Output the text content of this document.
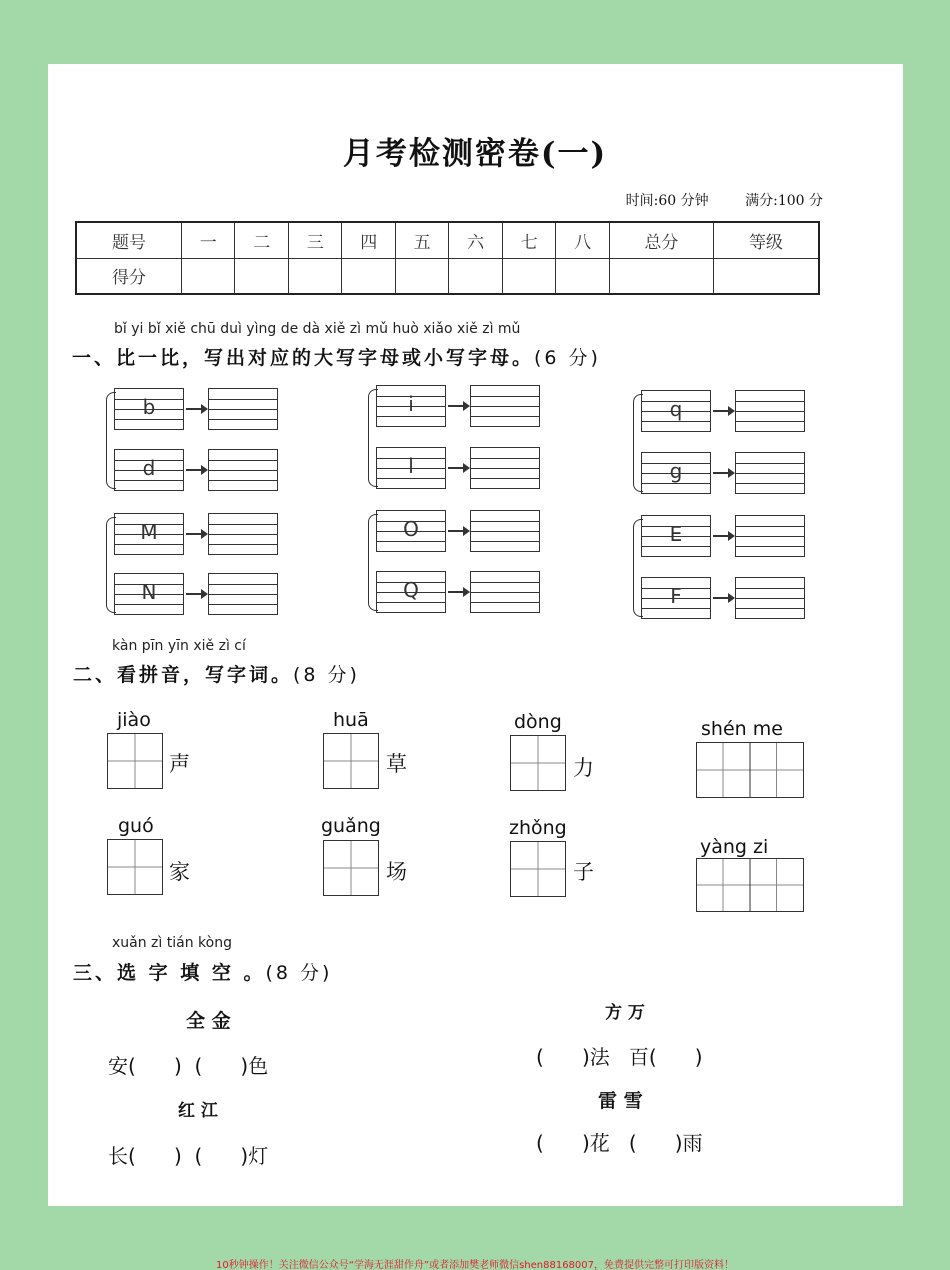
月考检测密卷(一)
时间:60 分钟	满分:100 分
题号	一	二	三	四	五	六	七	八	总分	等级
得分										
bǐ yi bǐ xiě chū duì yìng de dà xiě zì mǔ huò xiǎo xiě zì mǔ
一、比一比，写出对应的大写字母或小写字母。(6 分)
b
d
i
l
q
g
M
N
O
Q
E
F
kàn pīn yīn xiě zì cí
二、看拼音，写字词。(8 分)
jiào
声
huā
草
dòng
力
shén me
guó
家
guǎng
场
zhǒng
子
yàng zi
xuǎn zì tián kòng
三、选 字 填 空 。(8 分)
全 金
安(      )  (      )色
方 万
(      )法   百(      )
红 江
长(      )  (      )灯
雷 雪
(      )花   (      )雨
10秒钟操作！关注微信公众号“学海无涯甜作舟”或者添加樊老师微信shen88168007，免费提供完整可打印版资料！
